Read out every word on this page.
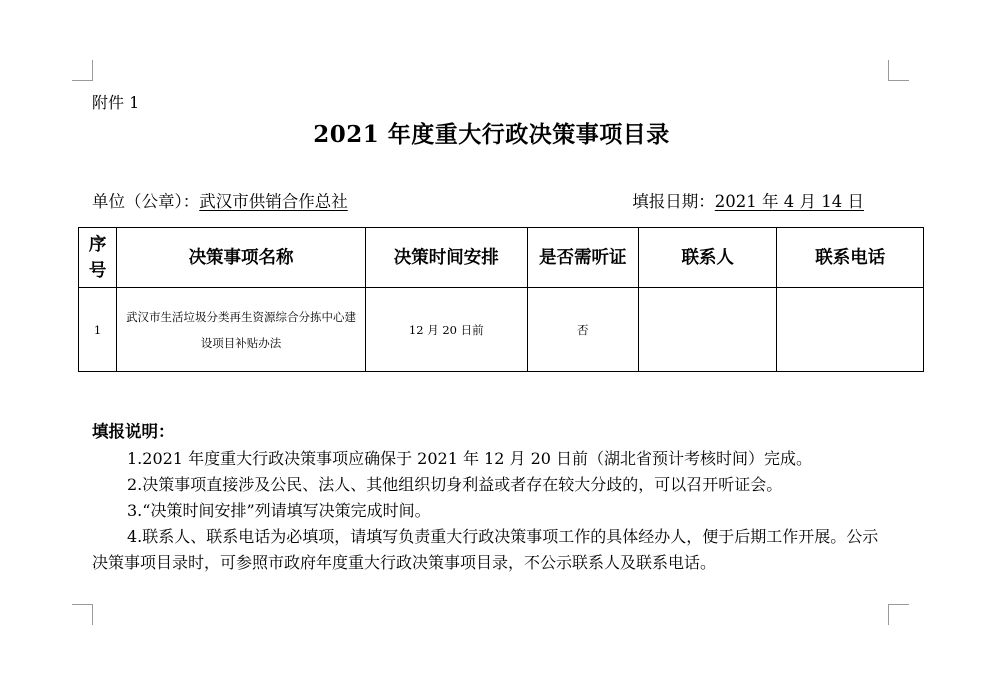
附件 1
2021 年度重大行政决策事项目录
单位（公章）：武汉市供销合作总社	填报日期：2021 年 4 月 14 日
序号	决策事项名称	决策时间安排	是否需听证	联系人	联系电话
1	武汉市生活垃圾分类再生资源综合分拣中心建设项目补贴办法	12 月 20 日前	否		
填报说明：
1.2021 年度重大行政决策事项应确保于 2021 年 12 月 20 日前（湖北省预计考核时间）完成。
2.决策事项直接涉及公民、法人、其他组织切身利益或者存在较大分歧的，可以召开听证会。
3.“决策时间安排”列请填写决策完成时间。
4.联系人、联系电话为必填项，请填写负责重大行政决策事项工作的具体经办人，便于后期工作开展。公示决策事项目录时，可参照市政府年度重大行政决策事项目录，不公示联系人及联系电话。
